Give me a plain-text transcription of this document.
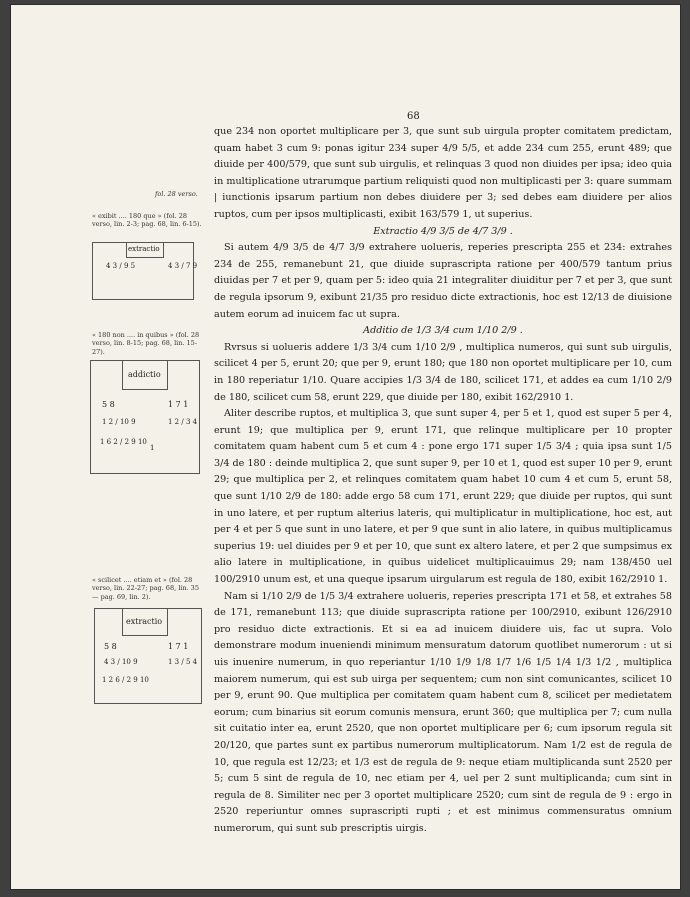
68
fol. 28 verso.
« exibit .... 180 que » (fol. 28 verso, lin. 2-3; pag. 68, lin. 6-15).
extractio
4 3 / 9 5	4 3 / 7 9
« 180 non .... in quibus » (fol. 28 verso, lin. 8-15; pag. 68, lin. 15-27).
addictio
5 8	1 7 1
1 2 / 10 9	1 2 / 3 4
1 6 2 / 2 9 10
1
« scilicet .... etiam et » (fol. 28 verso, lin. 22-27; pag. 68, lin. 35 — pag. 69, lin. 2).
extractio
5 8	1 7 1
4 3 / 10 9	1 3 / 5 4
1 2 6 / 2 9 10

que 234 non oportet multiplicare per 3, que sunt sub uirgula propter comitatem predictam, quam habet 3 cum 9: ponas igitur 234 super 4/9 5/5, et adde 234 cum 255, erunt 489; que diuide per 400/579, que sunt sub uirgulis, et relinquas 3 quod non diuides per ipsa; ideo quia in multiplicatione utrarumque partium reliquisti quod non multiplicasti per 3: quare summam | iunctionis ipsarum partium non debes diuidere per 3; sed debes eam diuidere per alios ruptos, cum per ipsos multiplicasti, exibit 163/579 1, ut superius.

Extractio 4/9 3/5 de 4/7 3/9 .

Si autem 4/9 3/5 de 4/7 3/9 extrahere uolueris, reperies prescripta 255 et 234: extrahes 234 de 255, remanebunt 21, que diuide suprascripta ratione per 400/579 tantum prius diuidas per 7 et per 9, quam per 5: ideo quia 21 integraliter diuiditur per 7 et per 3, que sunt de regula ipsorum 9, exibunt 21/35 pro residuo dicte extractionis, hoc est 12/13 de diuisione autem eorum ad inuicem fac ut supra.

Additio de 1/3 3/4 cum 1/10 2/9 .

Rvrsus si uolueris addere 1/3 3/4 cum 1/10 2/9 , multiplica numeros, qui sunt sub uirgulis, scilicet 4 per 5, erunt 20; que per 9, erunt 180; que 180 non oportet multiplicare per 10, cum in 180 reperiatur 1/10. Quare accipies 1/3 3/4 de 180, scilicet 171, et addes ea cum 1/10 2/9 de 180, scilicet cum 58, erunt 229, que diuide per 180, exibit 162/2910 1.

Aliter describe ruptos, et multiplica 3, que sunt super 4, per 5 et 1, quod est super 5 per 4, erunt 19; que multiplica per 9, erunt 171, que relinque multiplicare per 10 propter comitatem quam habent cum 5 et cum 4 : pone ergo 171 super 1/5 3/4 ; quia ipsa sunt 1/5 3/4 de 180 : deinde multiplica 2, que sunt super 9, per 10 et 1, quod est super 10 per 9, erunt 29; que multiplica per 2, et relinques comitatem quam habet 10 cum 4 et cum 5, erunt 58, que sunt 1/10 2/9 de 180: adde ergo 58 cum 171, erunt 229; que diuide per ruptos, qui sunt in uno latere, et per ruptum alterius lateris, qui multiplicatur in multiplicatione, hoc est, aut per 4 et per 5 que sunt in uno latere, et per 9 que sunt in alio latere, in quibus multiplicamus superius 19: uel diuides per 9 et per 10, que sunt ex altero latere, et per 2 que sumpsimus ex alio latere in multiplicatione, in quibus uidelicet multiplicauimus 29; nam 138/450 uel 100/2910 unum est, et una queque ipsarum uirgularum est regula de 180, exibit 162/2910 1.

Nam si 1/10 2/9 de 1/5 3/4 extrahere uolueris, reperies prescripta 171 et 58, et extrahes 58 de 171, remanebunt 113; que diuide suprascripta ratione per 100/2910, exibunt 126/2910 pro residuo dicte extractionis. Et si ea ad inuicem diuidere uis, fac ut supra. Volo demonstrare modum inueniendi minimum mensuratum datorum quotlibet numerorum : ut si uis inuenire numerum, in quo reperiantur 1/10 1/9 1/8 1/7 1/6 1/5 1/4 1/3 1/2 , multiplica maiorem numerum, qui est sub uirga per sequentem; cum non sint comunicantes, scilicet 10 per 9, erunt 90. Que multiplica per comitatem quam habent cum 8, scilicet per medietatem eorum; cum binarius sit eorum comunis mensura, erunt 360; que multiplica per 7; cum nulla sit cuitatio inter ea, erunt 2520, que non oportet multiplicare per 6; cum ipsorum regula sit 20/120, que partes sunt ex partibus numerorum multiplicatorum. Nam 1/2 est de regula de 10, que regula est 12/23; et 1/3 est de regula de 9: neque etiam multiplicanda sunt 2520 per 5; cum 5 sint de regula de 10, nec etiam per 4, uel per 2 sunt multiplicanda; cum sint in regula de 8. Similiter nec per 3 oportet multiplicare 2520; cum sint de regula de 9 : ergo in 2520 reperiuntur omnes suprascripti rupti ; et est minimus commensuratus omnium numerorum, qui sunt sub prescriptis uirgis.
